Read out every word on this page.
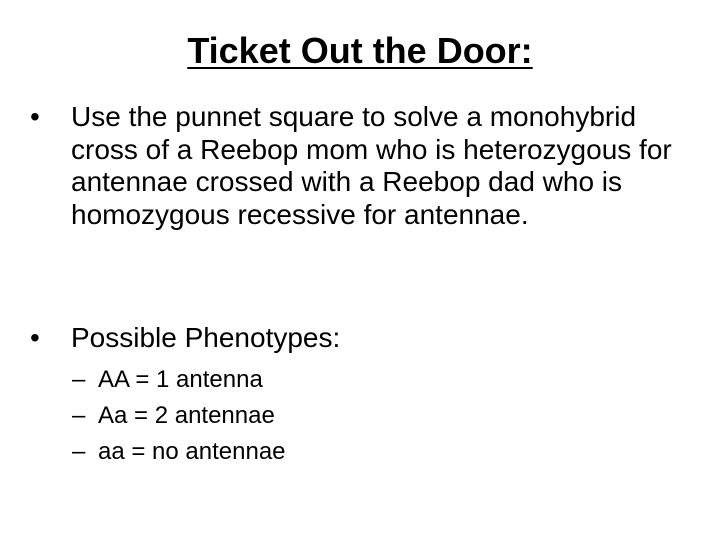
Ticket Out the Door:
• Use the punnet square to solve a monohybrid cross of a Reebop mom who is heterozygous for antennae crossed with a Reebop dad who is homozygous recessive for antennae.
• Possible Phenotypes:
– AA = 1 antenna
– Aa = 2 antennae
– aa = no antennae
